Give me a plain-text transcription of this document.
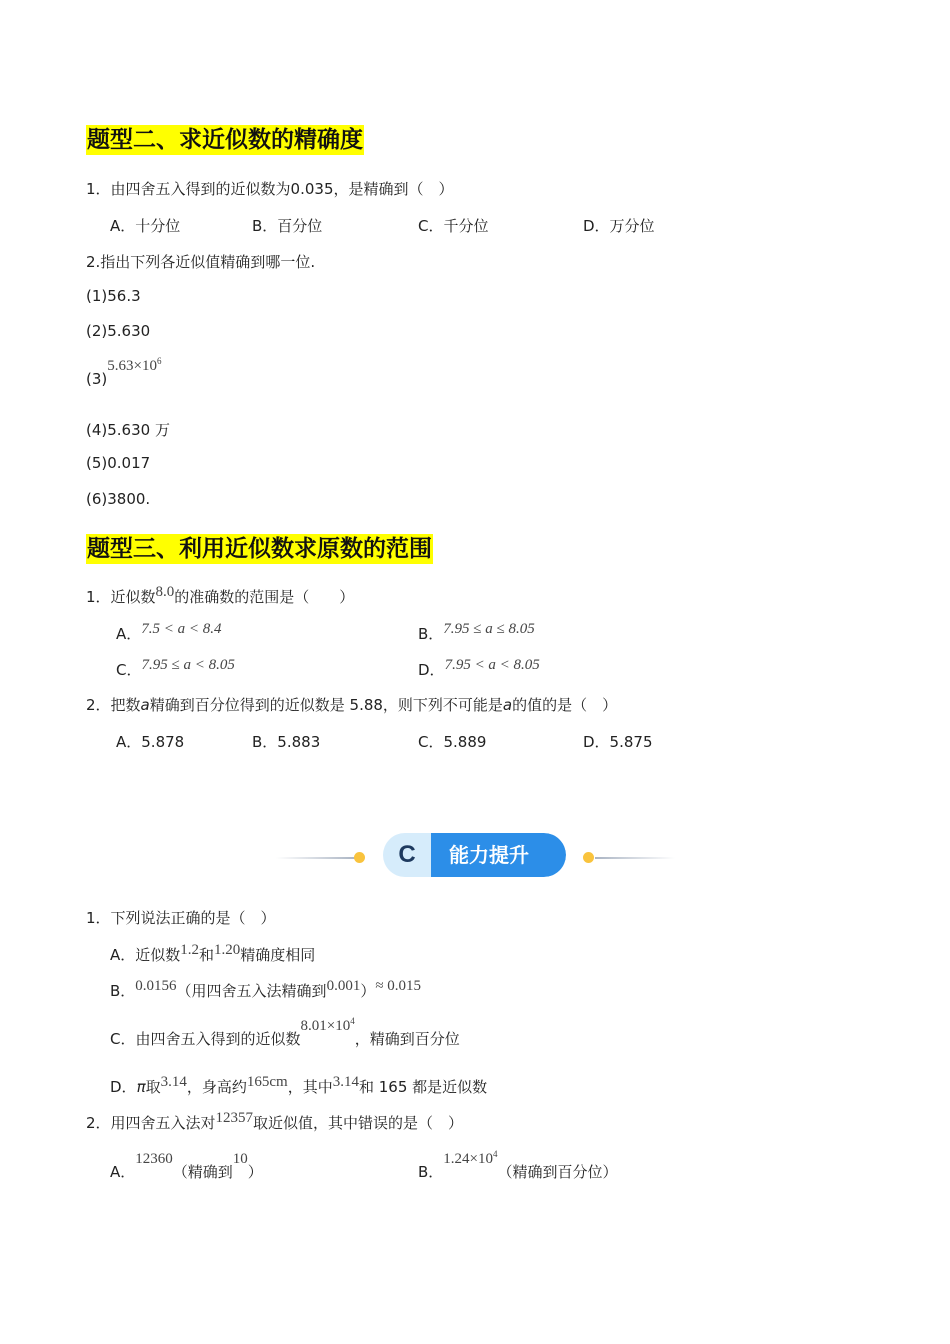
题型二、求近似数的精确度
1．由四舍五入得到的近似数为0.035，是精确到（　）
A．十分位	B．百分位	C．千分位	D．万分位
2.指出下列各近似值精确到哪一位.
(1)56.3
(2)5.630
$(3)5.63\times 10^6$
(4)5.630 万
(5)0.017
(6)3800.
题型三、利用近似数求原数的范围
1．近似数8.0的准确数的范围是（　　）
A．7.5 < a < 8.4	B．7.95 ≤ a ≤ 8.05
C．7.95 ≤ a < 8.05	D．7.95 < a < 8.05
2．把数a精确到百分位得到的近似数是 5.88，则下列不可能是a的值的是（　）
A．5.878	B．5.883	C．5.889	D．5.875
C	能力提升
1．下列说法正确的是（　）
A．近似数1.2和1.20精确度相同
B．0.0156（用四舍五入法精确到0.001）≈ 0.015
C．由四舍五入得到的近似数$8.01\times 10^4$，精确到百分位
D．π取3.14，身高约165cm，其中3.14和 165 都是近似数
2．用四舍五入法对12357取近似值，其中错误的是（　）
A．12360（精确到10）	B．$1.24\times 10^4$（精确到百分位）
